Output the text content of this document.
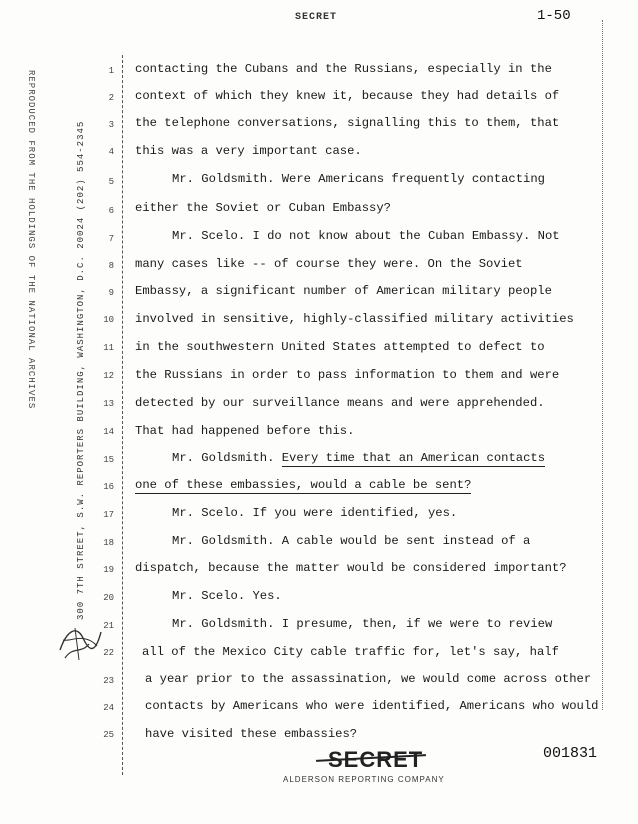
SECRET	1-50
REPRODUCED FROM THE HOLDINGS OF THE NATIONAL ARCHIVES	300 7TH STREET, S.W. REPORTERS BUILDING, WASHINGTON, D.C. 20024 (202) 554-2345
1
2
3
4
5
6
7
8
9
10
11
12
13
14
15
16
17
18
19
20
21
22
23
24
25
contacting the Cubans and the Russians, especially in the
context of which they knew it, because they had details of
the telephone conversations, signalling this to them, that
this was a very important case.
Mr. Goldsmith. Were Americans frequently contacting
either the Soviet or Cuban Embassy?
Mr. Scelo. I do not know about the Cuban Embassy. Not
many cases like -- of course they were. On the Soviet
Embassy, a significant number of American military people
involved in sensitive, highly-classified military activities
in the southwestern United States attempted to defect to
the Russians in order to pass information to them and were
detected by our surveillance means and were apprehended.
That had happened before this.
Mr. Goldsmith. Every time that an American contacts
one of these embassies, would a cable be sent?
Mr. Scelo. If you were identified, yes.
Mr. Goldsmith. A cable would be sent instead of a
dispatch, because the matter would be considered important?
Mr. Scelo. Yes.
Mr. Goldsmith. I presume, then, if we were to review
all of the Mexico City cable traffic for, let's say, half
a year prior to the assassination, we would come across other
contacts by Americans who were identified, Americans who would
have visited these embassies?
SECRET	001831
ALDERSON REPORTING COMPANY
